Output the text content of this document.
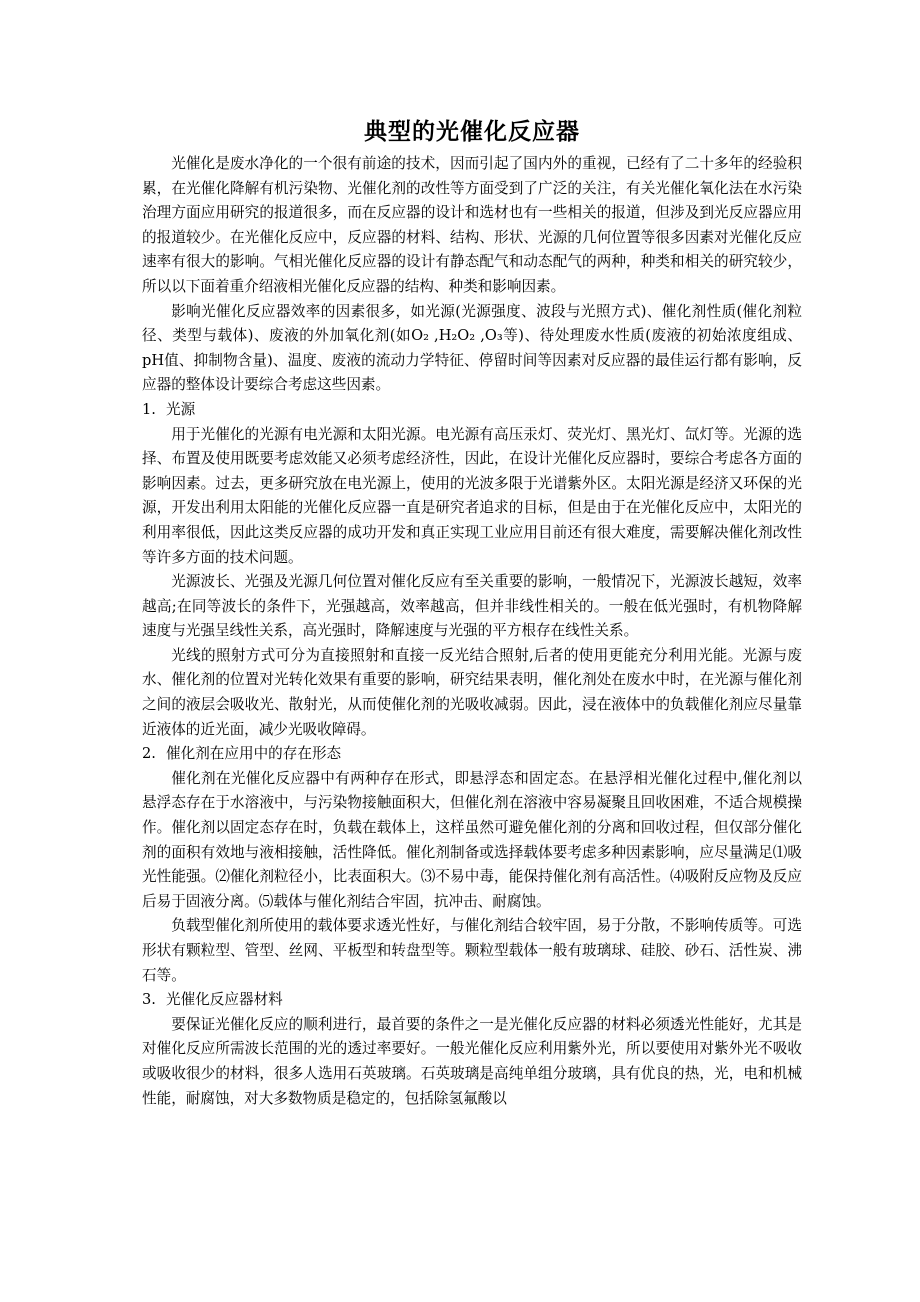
典型的光催化反应器

光催化是废水净化的一个很有前途的技术，因而引起了国内外的重视，已经有了二十多年的经验积累，在光催化降解有机污染物、光催化剂的改性等方面受到了广泛的关注，有关光催化氧化法在水污染治理方面应用研究的报道很多，而在反应器的设计和选材也有一些相关的报道，但涉及到光反应器应用的报道较少。在光催化反应中，反应器的材料、结构、形状、光源的几何位置等很多因素对光催化反应速率有很大的影响。气相光催化反应器的设计有静态配气和动态配气的两种，种类和相关的研究较少，所以以下面着重介绍液相光催化反应器的结构、种类和影响因素。

影响光催化反应器效率的因素很多，如光源(光源强度、波段与光照方式)、催化剂性质(催化剂粒径、类型与载体)、废液的外加氧化剂(如O₂ ,H₂O₂ ,O₃等)、待处理废水性质(废液的初始浓度组成、pH值、抑制物含量)、温度、废液的流动力学特征、停留时间等因素对反应器的最佳运行都有影响，反应器的整体设计要综合考虑这些因素。

1. 光源

用于光催化的光源有电光源和太阳光源。电光源有高压汞灯、荧光灯、黑光灯、氙灯等。光源的选择、布置及使用既要考虑效能又必须考虑经济性，因此，在设计光催化反应器时，要综合考虑各方面的影响因素。过去，更多研究放在电光源上，使用的光波多限于光谱紫外区。太阳光源是经济又环保的光源，开发出利用太阳能的光催化反应器一直是研究者追求的目标，但是由于在光催化反应中，太阳光的利用率很低，因此这类反应器的成功开发和真正实现工业应用目前还有很大难度，需要解决催化剂改性等许多方面的技术问题。

光源波长、光强及光源几何位置对催化反应有至关重要的影响，一般情况下，光源波长越短，效率越高;在同等波长的条件下，光强越高，效率越高，但并非线性相关的。一般在低光强时，有机物降解速度与光强呈线性关系，高光强时，降解速度与光强的平方根存在线性关系。

光线的照射方式可分为直接照射和直接一反光结合照射,后者的使用更能充分利用光能。光源与废水、催化剂的位置对光转化效果有重要的影响，研究结果表明，催化剂处在废水中时，在光源与催化剂之间的液层会吸收光、散射光，从而使催化剂的光吸收减弱。因此，浸在液体中的负载催化剂应尽量靠近液体的近光面，减少光吸收障碍。

2. 催化剂在应用中的存在形态

催化剂在光催化反应器中有两种存在形式，即悬浮态和固定态。在悬浮相光催化过程中,催化剂以悬浮态存在于水溶液中，与污染物接触面积大，但催化剂在溶液中容易凝聚且回收困难，不适合规模操作。催化剂以固定态存在时，负载在载体上，这样虽然可避免催化剂的分离和回收过程，但仅部分催化剂的面积有效地与液相接触，活性降低。催化剂制备或选择载体要考虑多种因素影响，应尽量满足⑴吸光性能强。⑵催化剂粒径小，比表面积大。⑶不易中毒，能保持催化剂有高活性。⑷吸附反应物及反应后易于固液分离。⑸载体与催化剂结合牢固，抗冲击、耐腐蚀。

负载型催化剂所使用的载体要求透光性好，与催化剂结合较牢固，易于分散，不影响传质等。可选形状有颗粒型、管型、丝网、平板型和转盘型等。颗粒型载体一般有玻璃球、硅胶、砂石、活性炭、沸石等。

3. 光催化反应器材料

要保证光催化反应的顺利进行，最首要的条件之一是光催化反应器的材料必须透光性能好，尤其是对催化反应所需波长范围的光的透过率要好。一般光催化反应利用紫外光，所以要使用对紫外光不吸收或吸收很少的材料，很多人选用石英玻璃。石英玻璃是高纯单组分玻璃，具有优良的热，光，电和机械性能，耐腐蚀，对大多数物质是稳定的，包括除氢氟酸以
